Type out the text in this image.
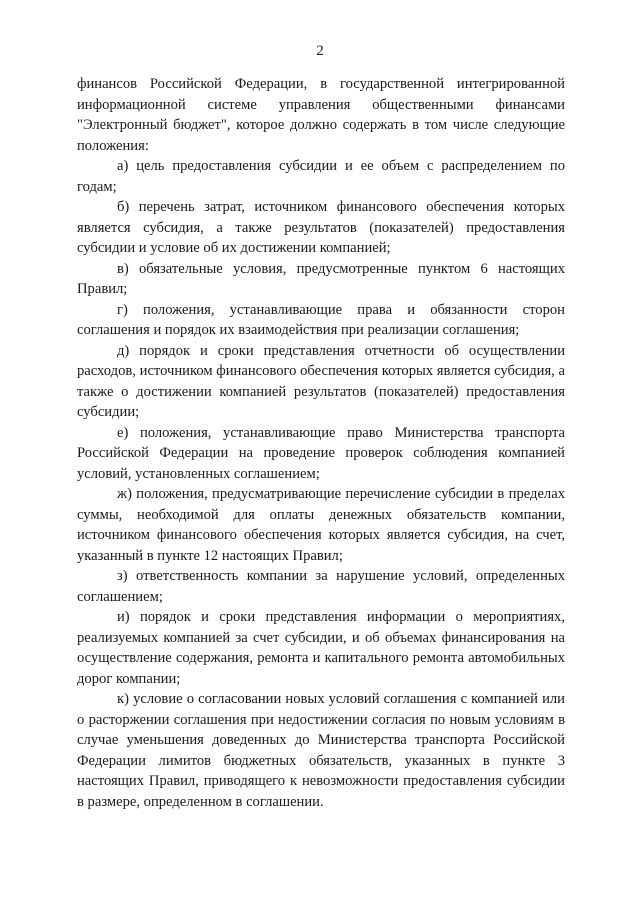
2

финансов Российской Федерации, в государственной интегрированной информационной системе управления общественными финансами "Электронный бюджет", которое должно содержать в том числе следующие положения:

а) цель предоставления субсидии и ее объем с распределением по годам;

б) перечень затрат, источником финансового обеспечения которых является субсидия, а также результатов (показателей) предоставления субсидии и условие об их достижении компанией;

в) обязательные условия, предусмотренные пунктом 6 настоящих Правил;

г) положения, устанавливающие права и обязанности сторон соглашения и порядок их взаимодействия при реализации соглашения;

д) порядок и сроки представления отчетности об осуществлении расходов, источником финансового обеспечения которых является субсидия, а также о достижении компанией результатов (показателей) предоставления субсидии;

е) положения, устанавливающие право Министерства транспорта Российской Федерации на проведение проверок соблюдения компанией условий, установленных соглашением;

ж) положения, предусматривающие перечисление субсидии в пределах суммы, необходимой для оплаты денежных обязательств компании, источником финансового обеспечения которых является субсидия, на счет, указанный в пункте 12 настоящих Правил;

з) ответственность компании за нарушение условий, определенных соглашением;

и) порядок и сроки представления информации о мероприятиях, реализуемых компанией за счет субсидии, и об объемах финансирования на осуществление содержания, ремонта и капитального ремонта автомобильных дорог компании;

к) условие о согласовании новых условий соглашения с компанией или о расторжении соглашения при недостижении согласия по новым условиям в случае уменьшения доведенных до Министерства транспорта Российской Федерации лимитов бюджетных обязательств, указанных в пункте 3 настоящих Правил, приводящего к невозможности предоставления субсидии в размере, определенном в соглашении.
